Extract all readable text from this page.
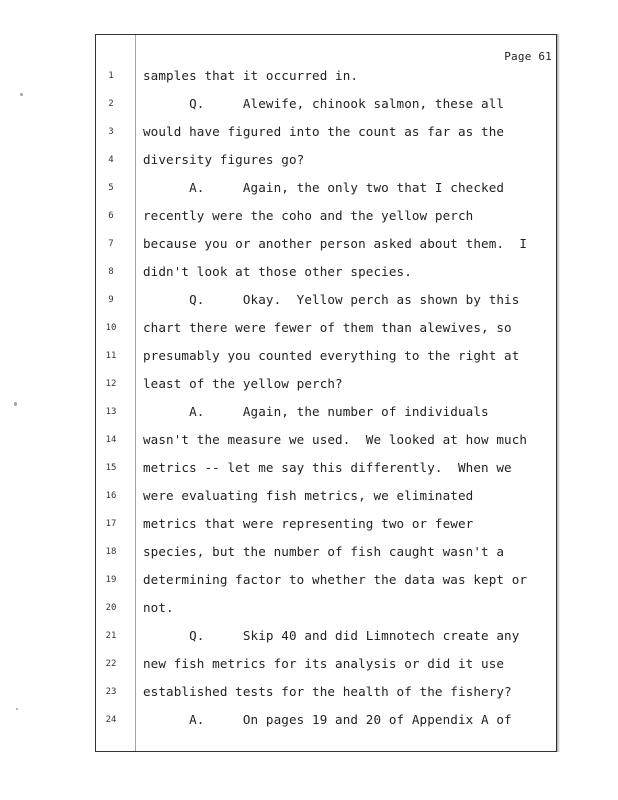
Page 61
1	samples that it occurred in.
2	Q.     Alewife, chinook salmon, these all
3	would have figured into the count as far as the
4	diversity figures go?
5	A.     Again, the only two that I checked
6	recently were the coho and the yellow perch
7	because you or another person asked about them.  I
8	didn't look at those other species.
9	Q.     Okay.  Yellow perch as shown by this
10	chart there were fewer of them than alewives, so
11	presumably you counted everything to the right at
12	least of the yellow perch?
13	A.     Again, the number of individuals
14	wasn't the measure we used.  We looked at how much
15	metrics -- let me say this differently.  When we
16	were evaluating fish metrics, we eliminated
17	metrics that were representing two or fewer
18	species, but the number of fish caught wasn't a
19	determining factor to whether the data was kept or
20	not.
21	Q.     Skip 40 and did Limnotech create any
22	new fish metrics for its analysis or did it use
23	established tests for the health of the fishery?
24	A.     On pages 19 and 20 of Appendix A of
